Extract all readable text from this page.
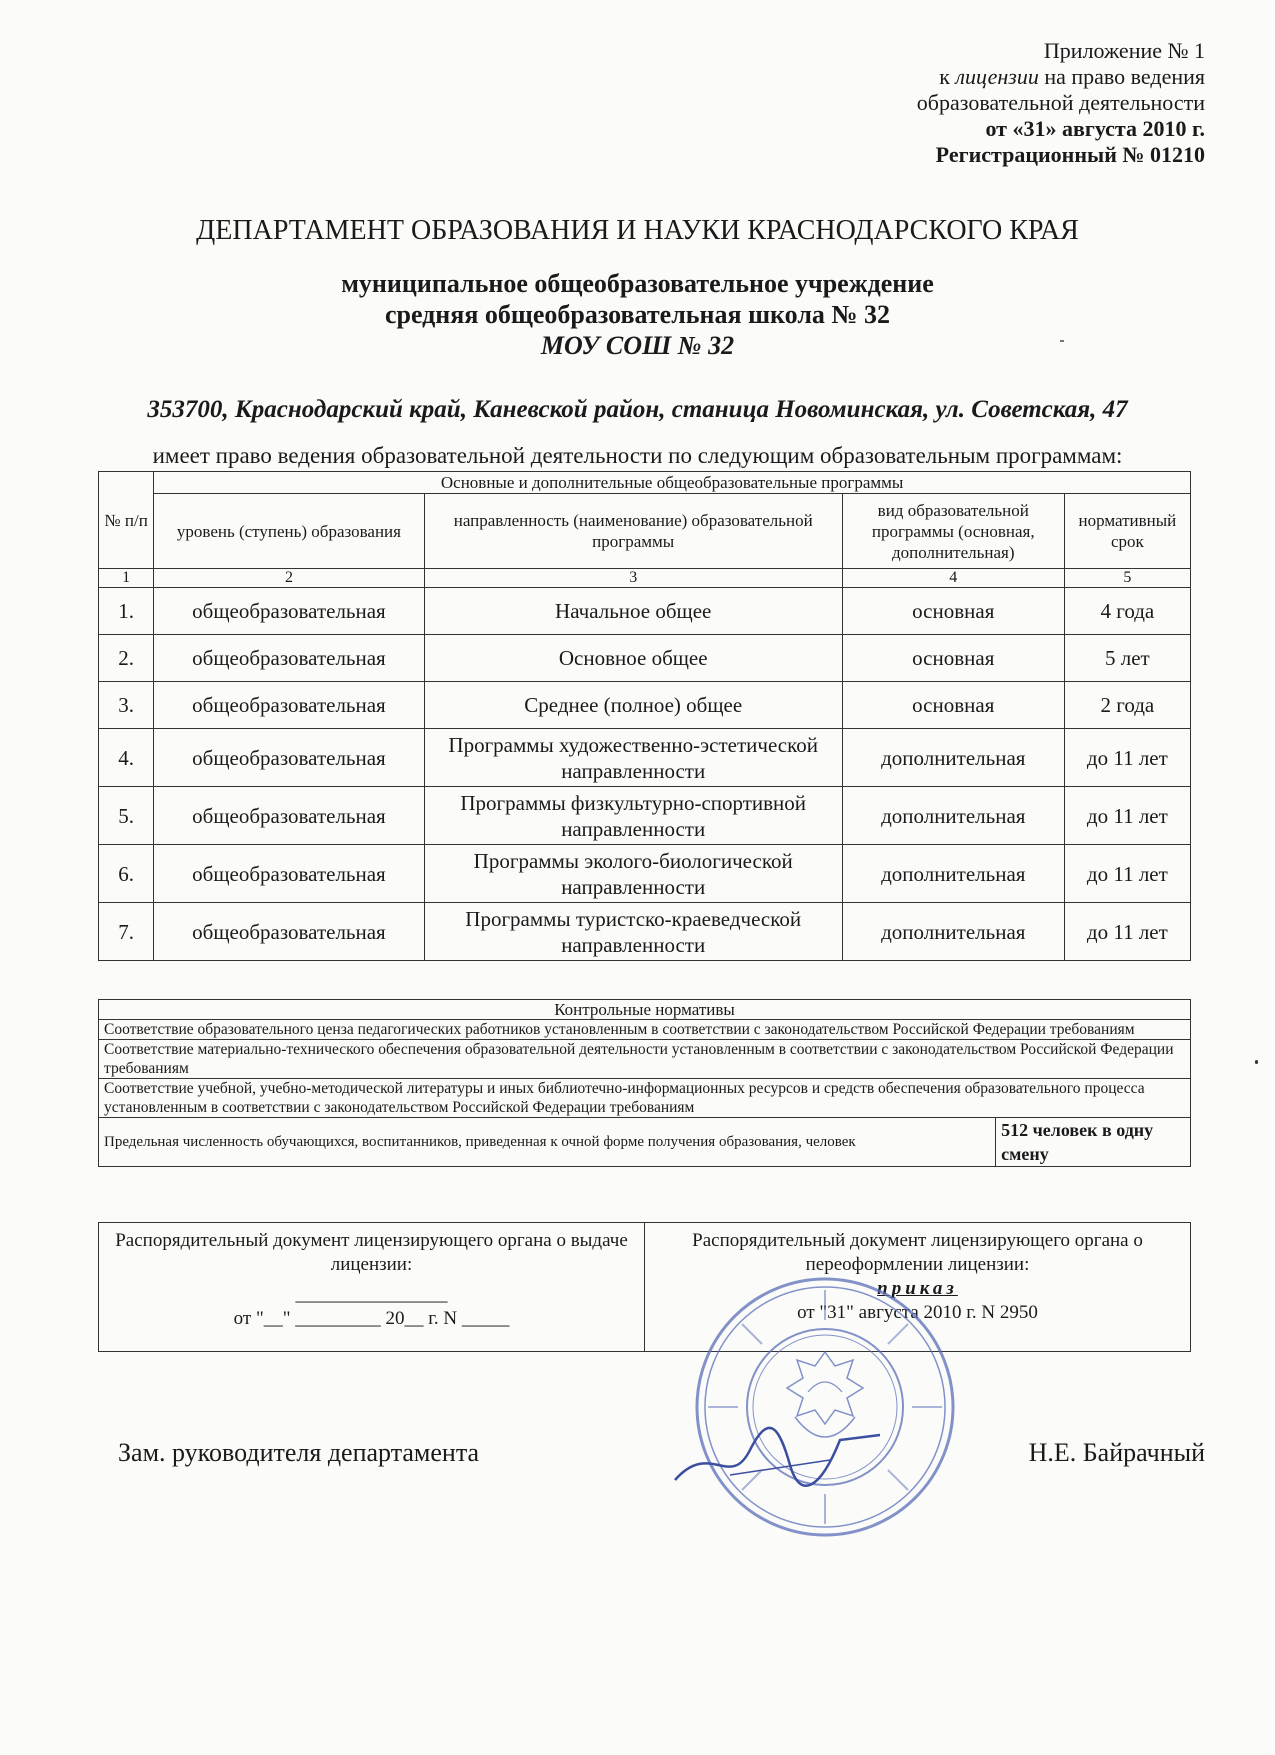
Приложение № 1
к лицензии на право ведения
образовательной деятельности
от «31» августа 2010 г.
Регистрационный № 01210
ДЕПАРТАМЕНТ ОБРАЗОВАНИЯ И НАУКИ КРАСНОДАРСКОГО КРАЯ
муниципальное общеобразовательное учреждение
средняя общеобразовательная школа № 32
МОУ СОШ № 32
353700, Краснодарский край, Каневской район, станица Новоминская, ул. Советская, 47
имеет право ведения образовательной деятельности по следующим образовательным программам:
№ п/п	Основные и дополнительные общеобразовательные программы			
	уровень (ступень) образования	направленность (наименование) образовательной программы	вид образовательной программы (основная, дополнительная)	нормативный срок
1	2	3	4	5
1.	общеобразовательная	Начальное общее	основная	4 года
2.	общеобразовательная	Основное общее	основная	5 лет
3.	общеобразовательная	Среднее (полное) общее	основная	2 года
4.	общеобразовательная	Программы художественно-эстетической направленности	дополнительная	до 11 лет
5.	общеобразовательная	Программы физкультурно-спортивной направленности	дополнительная	до 11 лет
6.	общеобразовательная	Программы эколого-биологической направленности	дополнительная	до 11 лет
7.	общеобразовательная	Программы туристско-краеведческой направленности	дополнительная	до 11 лет
Контрольные нормативы
Соответствие образовательного ценза педагогических работников установленным в соответствии с законодательством Российской Федерации требованиям
Соответствие материально-технического обеспечения образовательной деятельности установленным в соответствии с законодательством Российской Федерации требованиям
Соответствие учебной, учебно-методической литературы и иных библиотечно-информационных ресурсов и средств обеспечения образовательного процесса установленным в соответствии с законодательством Российской Федерации требованиям
Предельная численность обучающихся, воспитанников, приведенная к очной форме получения образования, человек	512 человек в одну смену
Распорядительный документ лицензирующего органа о выдаче лицензии:
________________
от "__" _________ 20__ г. N _____

Распорядительный документ лицензирующего органа о переоформлении лицензии:
приказ
от "31" августа 2010 г. N 2950
Зам. руководителя департамента	Н.Е. Байрачный
